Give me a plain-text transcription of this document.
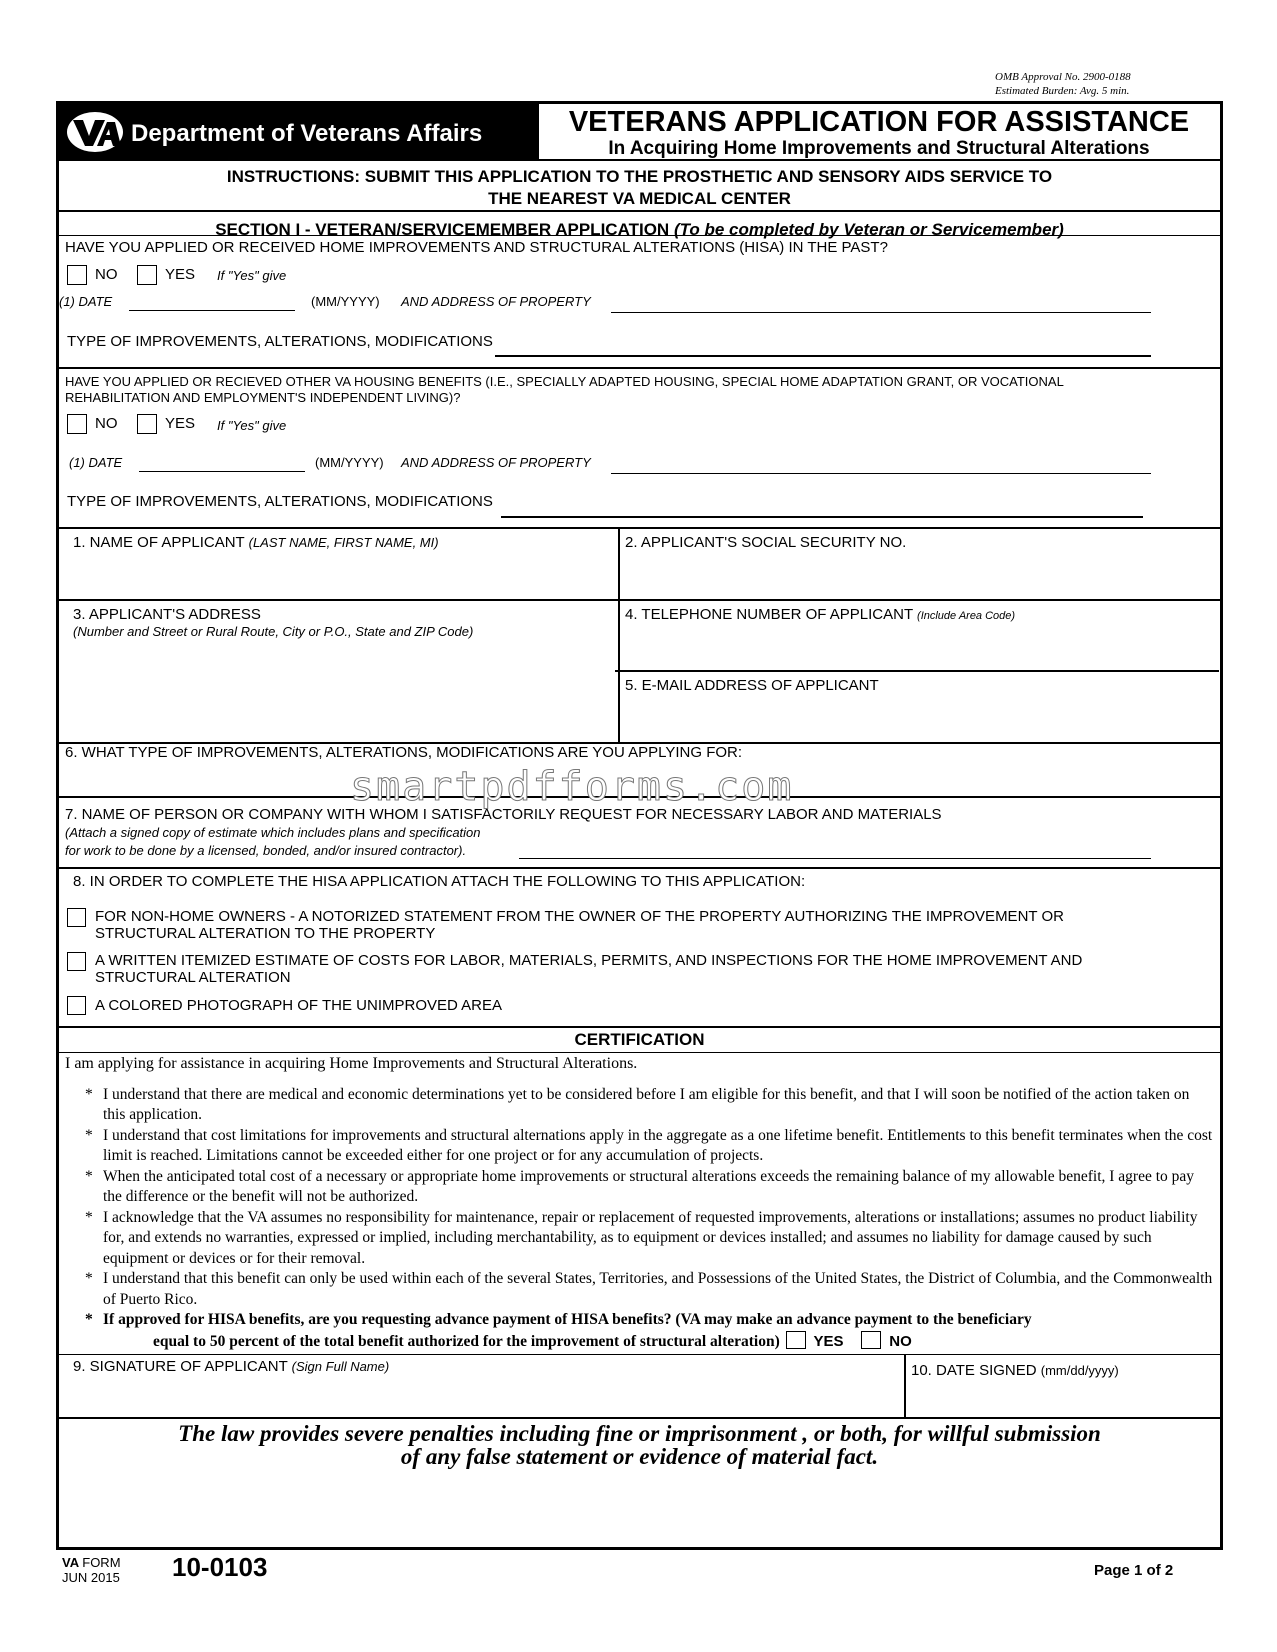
OMB Approval No. 2900-0188
Estimated Burden: Avg. 5 min.
Department of Veterans Affairs	VETERANS APPLICATION FOR ASSISTANCE
In Acquiring Home Improvements and Structural Alterations
INSTRUCTIONS: SUBMIT THIS APPLICATION TO THE PROSTHETIC AND SENSORY AIDS SERVICE TO
THE NEAREST VA MEDICAL CENTER
SECTION I - VETERAN/SERVICEMEMBER APPLICATION (To be completed by Veteran or Servicemember)
HAVE YOU APPLIED OR RECEIVED HOME IMPROVEMENTS AND STRUCTURAL ALTERATIONS (HISA) IN THE PAST?
NO	YES If "Yes" give
(1) DATE	(MM/YYYY) AND ADDRESS OF PROPERTY
TYPE OF IMPROVEMENTS, ALTERATIONS, MODIFICATIONS
HAVE YOU APPLIED OR RECIEVED OTHER VA HOUSING BENEFITS (I.E., SPECIALLY ADAPTED HOUSING, SPECIAL HOME ADAPTATION GRANT, OR VOCATIONAL
REHABILITATION AND EMPLOYMENT'S INDEPENDENT LIVING)?
NO	YES If "Yes" give
(1) DATE	(MM/YYYY) AND ADDRESS OF PROPERTY
TYPE OF IMPROVEMENTS, ALTERATIONS, MODIFICATIONS
1. NAME OF APPLICANT (LAST NAME, FIRST NAME, MI)	2. APPLICANT'S SOCIAL SECURITY NO.
3. APPLICANT'S ADDRESS
(Number and Street or Rural Route, City or P.O., State and ZIP Code)
4. TELEPHONE NUMBER OF APPLICANT (Include Area Code)
5. E-MAIL ADDRESS OF APPLICANT
6. WHAT TYPE OF IMPROVEMENTS, ALTERATIONS, MODIFICATIONS ARE YOU APPLYING FOR:
7. NAME OF PERSON OR COMPANY WITH WHOM I SATISFACTORILY REQUEST FOR NECESSARY LABOR AND MATERIALS
(Attach a signed copy of estimate which includes plans and specification
for work to be done by a licensed, bonded, and/or insured contractor).
8. IN ORDER TO COMPLETE THE HISA APPLICATION ATTACH THE FOLLOWING TO THIS APPLICATION:
FOR NON-HOME OWNERS - A NOTORIZED STATEMENT FROM THE OWNER OF THE PROPERTY AUTHORIZING THE IMPROVEMENT OR
STRUCTURAL ALTERATION TO THE PROPERTY
A WRITTEN ITEMIZED ESTIMATE OF COSTS FOR LABOR, MATERIALS, PERMITS, AND INSPECTIONS FOR THE HOME IMPROVEMENT AND
STRUCTURAL ALTERATION
A COLORED PHOTOGRAPH OF THE UNIMPROVED AREA
CERTIFICATION
I am applying for assistance in acquiring Home Improvements and Structural Alterations.
* I understand that there are medical and economic determinations yet to be considered before I am eligible for this benefit, and that I will soon be notified of the action taken on this application.
* I understand that cost limitations for improvements and structural alternations apply in the aggregate as a one lifetime benefit. Entitlements to this benefit terminates when the cost limit is reached. Limitations cannot be exceeded either for one project or for any accumulation of projects.
* When the anticipated total cost of a necessary or appropriate home improvements or structural alterations exceeds the remaining balance of my allowable benefit, I agree to pay the difference or the benefit will not be authorized.
* I acknowledge that the VA assumes no responsibility for maintenance, repair or replacement of requested improvements, alterations or installations; assumes no product liability for, and extends no warranties, expressed or implied, including merchantability, as to equipment or devices installed; and assumes no liability for damage caused by such equipment or devices or for their removal.
* I understand that this benefit can only be used within each of the several States, Territories, and Possessions of the United States, the District of Columbia, and the Commonwealth of Puerto Rico.
* If approved for HISA benefits, are you requesting advance payment of HISA benefits? (VA may make an advance payment to the beneficiary
equal to 50 percent of the total benefit authorized for the improvement of structural alteration) YES	NO
9. SIGNATURE OF APPLICANT (Sign Full Name)	10. DATE SIGNED (mm/dd/yyyy)
The law provides severe penalties including fine or imprisonment , or both, for willful submission
of any false statement or evidence of material fact.
smartpdfforms.com
VA FORM
JUN 2015 10-0103	Page 1 of 2
